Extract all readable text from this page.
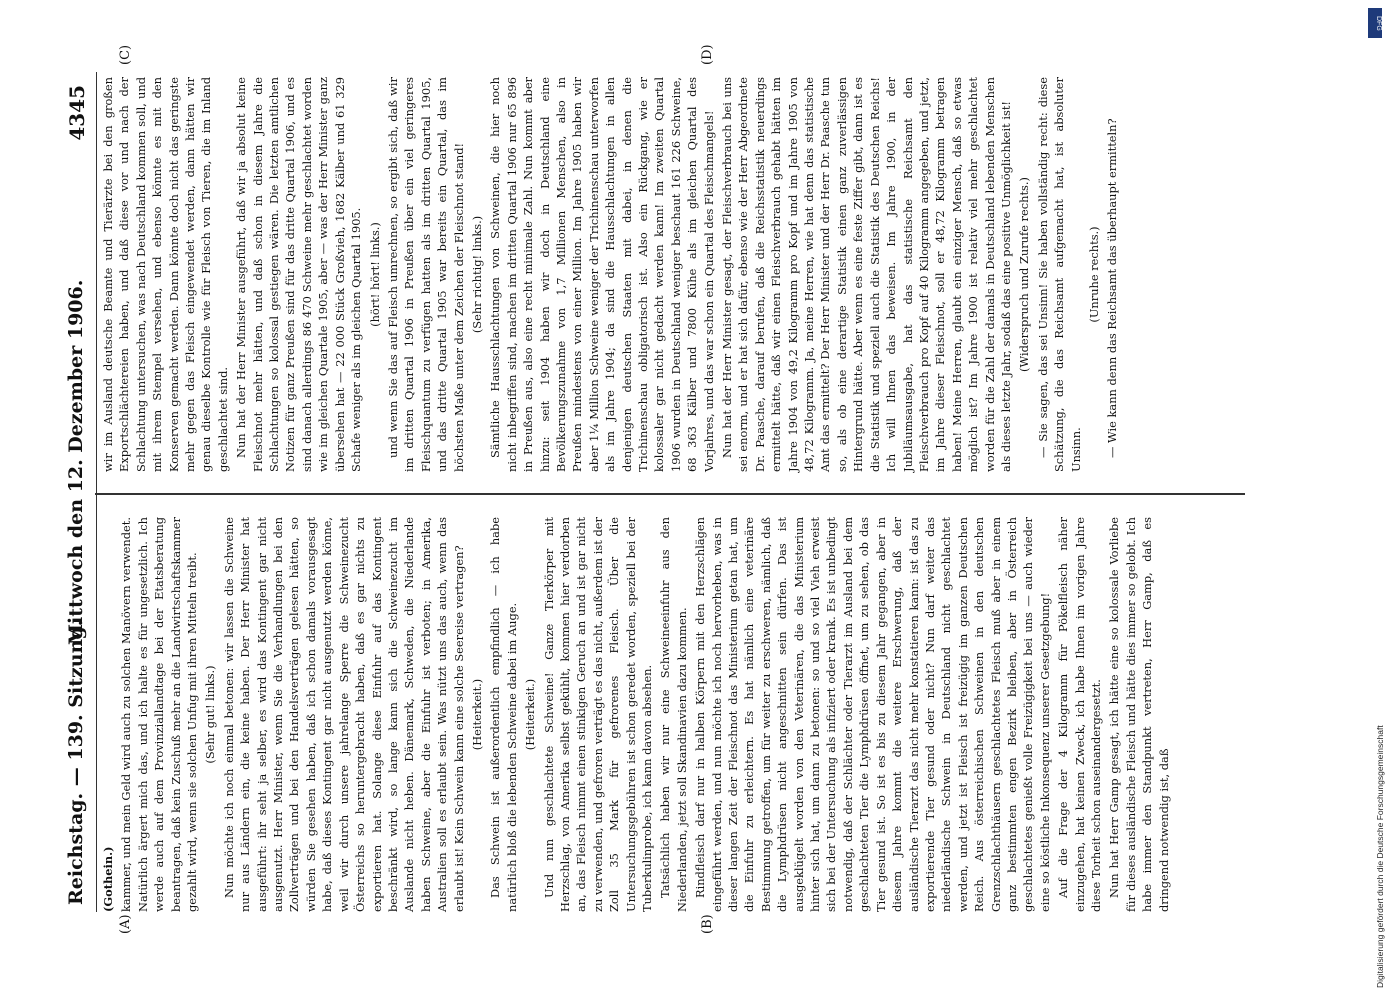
Reichstag. — 139. Sitzung.
Mittwoch den 12. Dezember 1906.
4345
(A)	(B)
(C)	(D)

(Gothein.) kammer, und mein Geld wird auch zu solchen Manövern verwendet. Natürlich ärgert mich das, und ich halte es für ungesetzlich. Ich werde auch auf dem Provinziallandtage bei der Etatsberatung beantragen, daß kein Zuschuß mehr an die Landwirtschaftskammer gezahlt wird, wenn sie solchen Unfug mit ihren Mitteln treibt. (Sehr gut! links.) Nun möchte ich noch einmal betonen: wir lassen die Schweine nur aus Ländern ein, die keine haben. Der Herr Minister hat ausgeführt: ihr seht ja selber, es wird das Kontingent gar nicht ausgenutzt. Herr Minister, wenn Sie die Verhandlungen bei den Zollverträgen und bei den Handelsverträgen gelesen hätten, so würden Sie gesehen haben, daß ich schon damals vorausgesagt habe, daß dieses Kontingent gar nicht ausgenutzt werden könne, weil wir durch unsere jahrelange Sperre die Schweinezucht Österreichs so heruntergebracht haben, daß es gar nichts zu exportieren hat. Solange diese Einfuhr auf das Kontingent beschränkt wird, so lange kann sich die Schweinezucht im Auslande nicht heben. Dänemark, Schweden, die Niederlande haben Schweine, aber die Einfuhr ist verboten; in Amerika, Australien soll es erlaubt sein. Was nützt uns das auch, wenn das erlaubt ist! Kein Schwein kann eine solche Seereise vertragen? (Heiterkeit.) Das Schwein ist außerordentlich empfindlich — ich habe natürlich bloß die lebenden Schweine dabei im Auge. (Heiterkeit.) Und nun geschlachtete Schweine! Ganze Tierkörper mit Herzschlag, von Amerika selbst gekühlt, kommen hier verdorben an, das Fleisch nimmt einen stinkigen Geruch an und ist gar nicht zu verwenden, und gefroren verträgt es das nicht, außerdem ist der Zoll 35 Mark für gefrorenes Fleisch. Über die Untersuchungsgebühren ist schon geredet worden, speziell bei der Tuberkulinprobe, ich kann davon absehen. Tatsächlich haben wir nur eine Schweineeinfuhr aus den Niederlanden, jetzt soll Skandinavien dazu kommen. Rindfleisch darf nur in halben Körpern mit den Herzschlägen eingeführt werden, und nun möchte ich noch hervorheben, was in dieser langen Zeit der Fleischnot das Ministerium getan hat, um die Einfuhr zu erleichtern. Es hat nämlich eine veterinäre Bestimmung getroffen, um für weiter zu erschweren, nämlich, daß die Lymphdrüsen nicht angeschnitten sein dürfen. Das ist ausgeklügelt worden von den Veterinären, die das Ministerium hinter sich hat, um dann zu betonen: so und so viel Vieh erweist sich bei der Untersuchung als infiziert oder krank. Es ist unbedingt notwendig, daß der Schlächter oder Tierarzt im Ausland bei dem geschlachteten Tier die Lymphdrüsen öffnet, um zu sehen, ob das Tier gesund ist. So ist es bis zu diesem Jahr gegangen, aber in diesem Jahre kommt die weitere Erschwerung, daß der ausländische Tierarzt das nicht mehr konstatieren kann: ist das zu exportierende Tier gesund oder nicht? Nun darf weiter das niederländische Schwein in Deutschland nicht geschlachtet werden, und jetzt ist Fleisch ist freizügig im ganzen Deutschen Reich. Aus österreichischen Schweinen in den deutschen Grenzschlachthäusern geschlachtetes Fleisch muß aber in einem ganz bestimmten engen Bezirk bleiben, aber in Österreich geschlachtetes genießt volle Freizügigkeit bei uns — auch wieder eine so köstliche Inkonsequenz unserer Gesetzgebung! Auf die Frage der 4 Kilogramm für Pökelfleisch näher einzugehen, hat keinen Zweck, ich habe Ihnen im vorigen Jahre diese Torheit schon auseinandergesetzt. Nun hat Herr Gamp gesagt, ich hätte eine so kolossale Vorliebe für dieses ausländische Fleisch und hätte dies immer so gelobt. Ich habe immer den Standpunkt vertreten, Herr Gamp, daß es dringend notwendig ist, daß

wir im Ausland deutsche Beamte und Tierärzte bei den großen Exportschlächtereien haben, und daß diese vor und nach der Schlachtung untersuchen, was nach Deutschland kommen soll, und mit ihrem Stempel versehen, und ebenso könnte es mit den Konserven gemacht werden. Dann könnte doch nicht das geringste mehr gegen das Fleisch eingewendet werden, dann hätten wir genau dieselbe Kontrolle wie für Fleisch von Tieren, die im Inland geschlachtet sind. Nun hat der Herr Minister ausgeführt, daß wir ja absolut keine Fleischnot mehr hätten, und daß schon in diesem Jahre die Schlachtungen so kolossal gestiegen wären. Die letzten amtlichen Notizen für ganz Preußen sind für das dritte Quartal 1906, und es sind danach allerdings 86 470 Schweine mehr geschlachtet worden wie im gleichen Quartale 1905, aber — was der Herr Minister ganz übersehen hat — 22 000 Stück Großvieh, 1682 Kälber und 61 329 Schafe weniger als im gleichen Quartal 1905. (hört! hört! links.) und wenn Sie das auf Fleisch umrechnen, so ergibt sich, daß wir im dritten Quartal 1906 in Preußen über ein viel geringeres Fleischquantum zu verfügen hatten als im dritten Quartal 1905, und das dritte Quartal 1905 war bereits ein Quartal, das im höchsten Maße unter dem Zeichen der Fleischnot stand! (Sehr richtig! links.) Sämtliche Hausschlachtungen von Schweinen, die hier noch nicht inbegriffen sind, machen im dritten Quartal 1906 nur 65 896 in Preußen aus, also eine recht minimale Zahl. Nun kommt aber hinzu: seit 1904 haben wir doch in Deutschland eine Bevölkerungszunahme von 1,7 Millionen Menschen, also in Preußen mindestens von einer Million. Im Jahre 1905 haben wir aber 1¼ Million Schweine weniger der Trichinenschau unterworfen als im Jahre 1904; da sind die Hausschlachtungen in allen denjenigen deutschen Staaten mit dabei, in denen die Trichinenschau obligatorisch ist. Also ein Rückgang, wie er kolossaler gar nicht gedacht werden kann! Im zweiten Quartal 1906 wurden in Deutschland weniger beschaut 161 226 Schweine, 68 363 Kälber und 7800 Kühe als im gleichen Quartal des Vorjahres, und das war schon ein Quartal des Fleischmangels! Nun hat der Herr Minister gesagt, der Fleischverbrauch bei uns sei enorm, und er hat sich dafür, ebenso wie der Herr Abgeordnete Dr. Paasche, darauf berufen, daß die Reichsstatistik neuerdings ermittelt hätte, daß wir einen Fleischverbrauch gehabt hätten im Jahre 1904 von 49,2 Kilogramm pro Kopf und im Jahre 1905 von 48,72 Kilogramm. Ja, meine Herren, wie hat denn das statistische Amt das ermittelt? Der Herr Minister und der Herr Dr. Paasche tun so, als ob eine derartige Statistik einen ganz zuverlässigen Hintergrund hätte. Aber wenn es eine feste Ziffer gibt, dann ist es die Statistik und speziell auch die Statistik des Deutschen Reichs! Ich will Ihnen das beweisen. Im Jahre 1900, in der Jubiläumsausgabe, hat das statistische Reichsamt den Fleischverbrauch pro Kopf auf 40 Kilogramm angegeben, und jetzt, im Jahre dieser Fleischnot, soll er 48,72 Kilogramm betragen haben! Meine Herren, glaubt ein einziger Mensch, daß so etwas möglich ist? Im Jahre 1900 ist relativ viel mehr geschlachtet worden für die Zahl der damals in Deutschland lebenden Menschen als dieses letzte Jahr, sodaß das eine positive Unmöglichkeit ist! (Widerspruch und Zurufe rechts.) — Sie sagen, das sei Unsinn! Sie haben vollständig recht: diese Schätzung, die das Reichsamt aufgemacht hat, ist absoluter Unsinn.

(Unruhe rechts.) — Wie kann denn das Reichsamt das überhaupt ermitteln?

Digitalisierung gefördert durch die Deutsche Forschungsgemeinschaft
DFG
